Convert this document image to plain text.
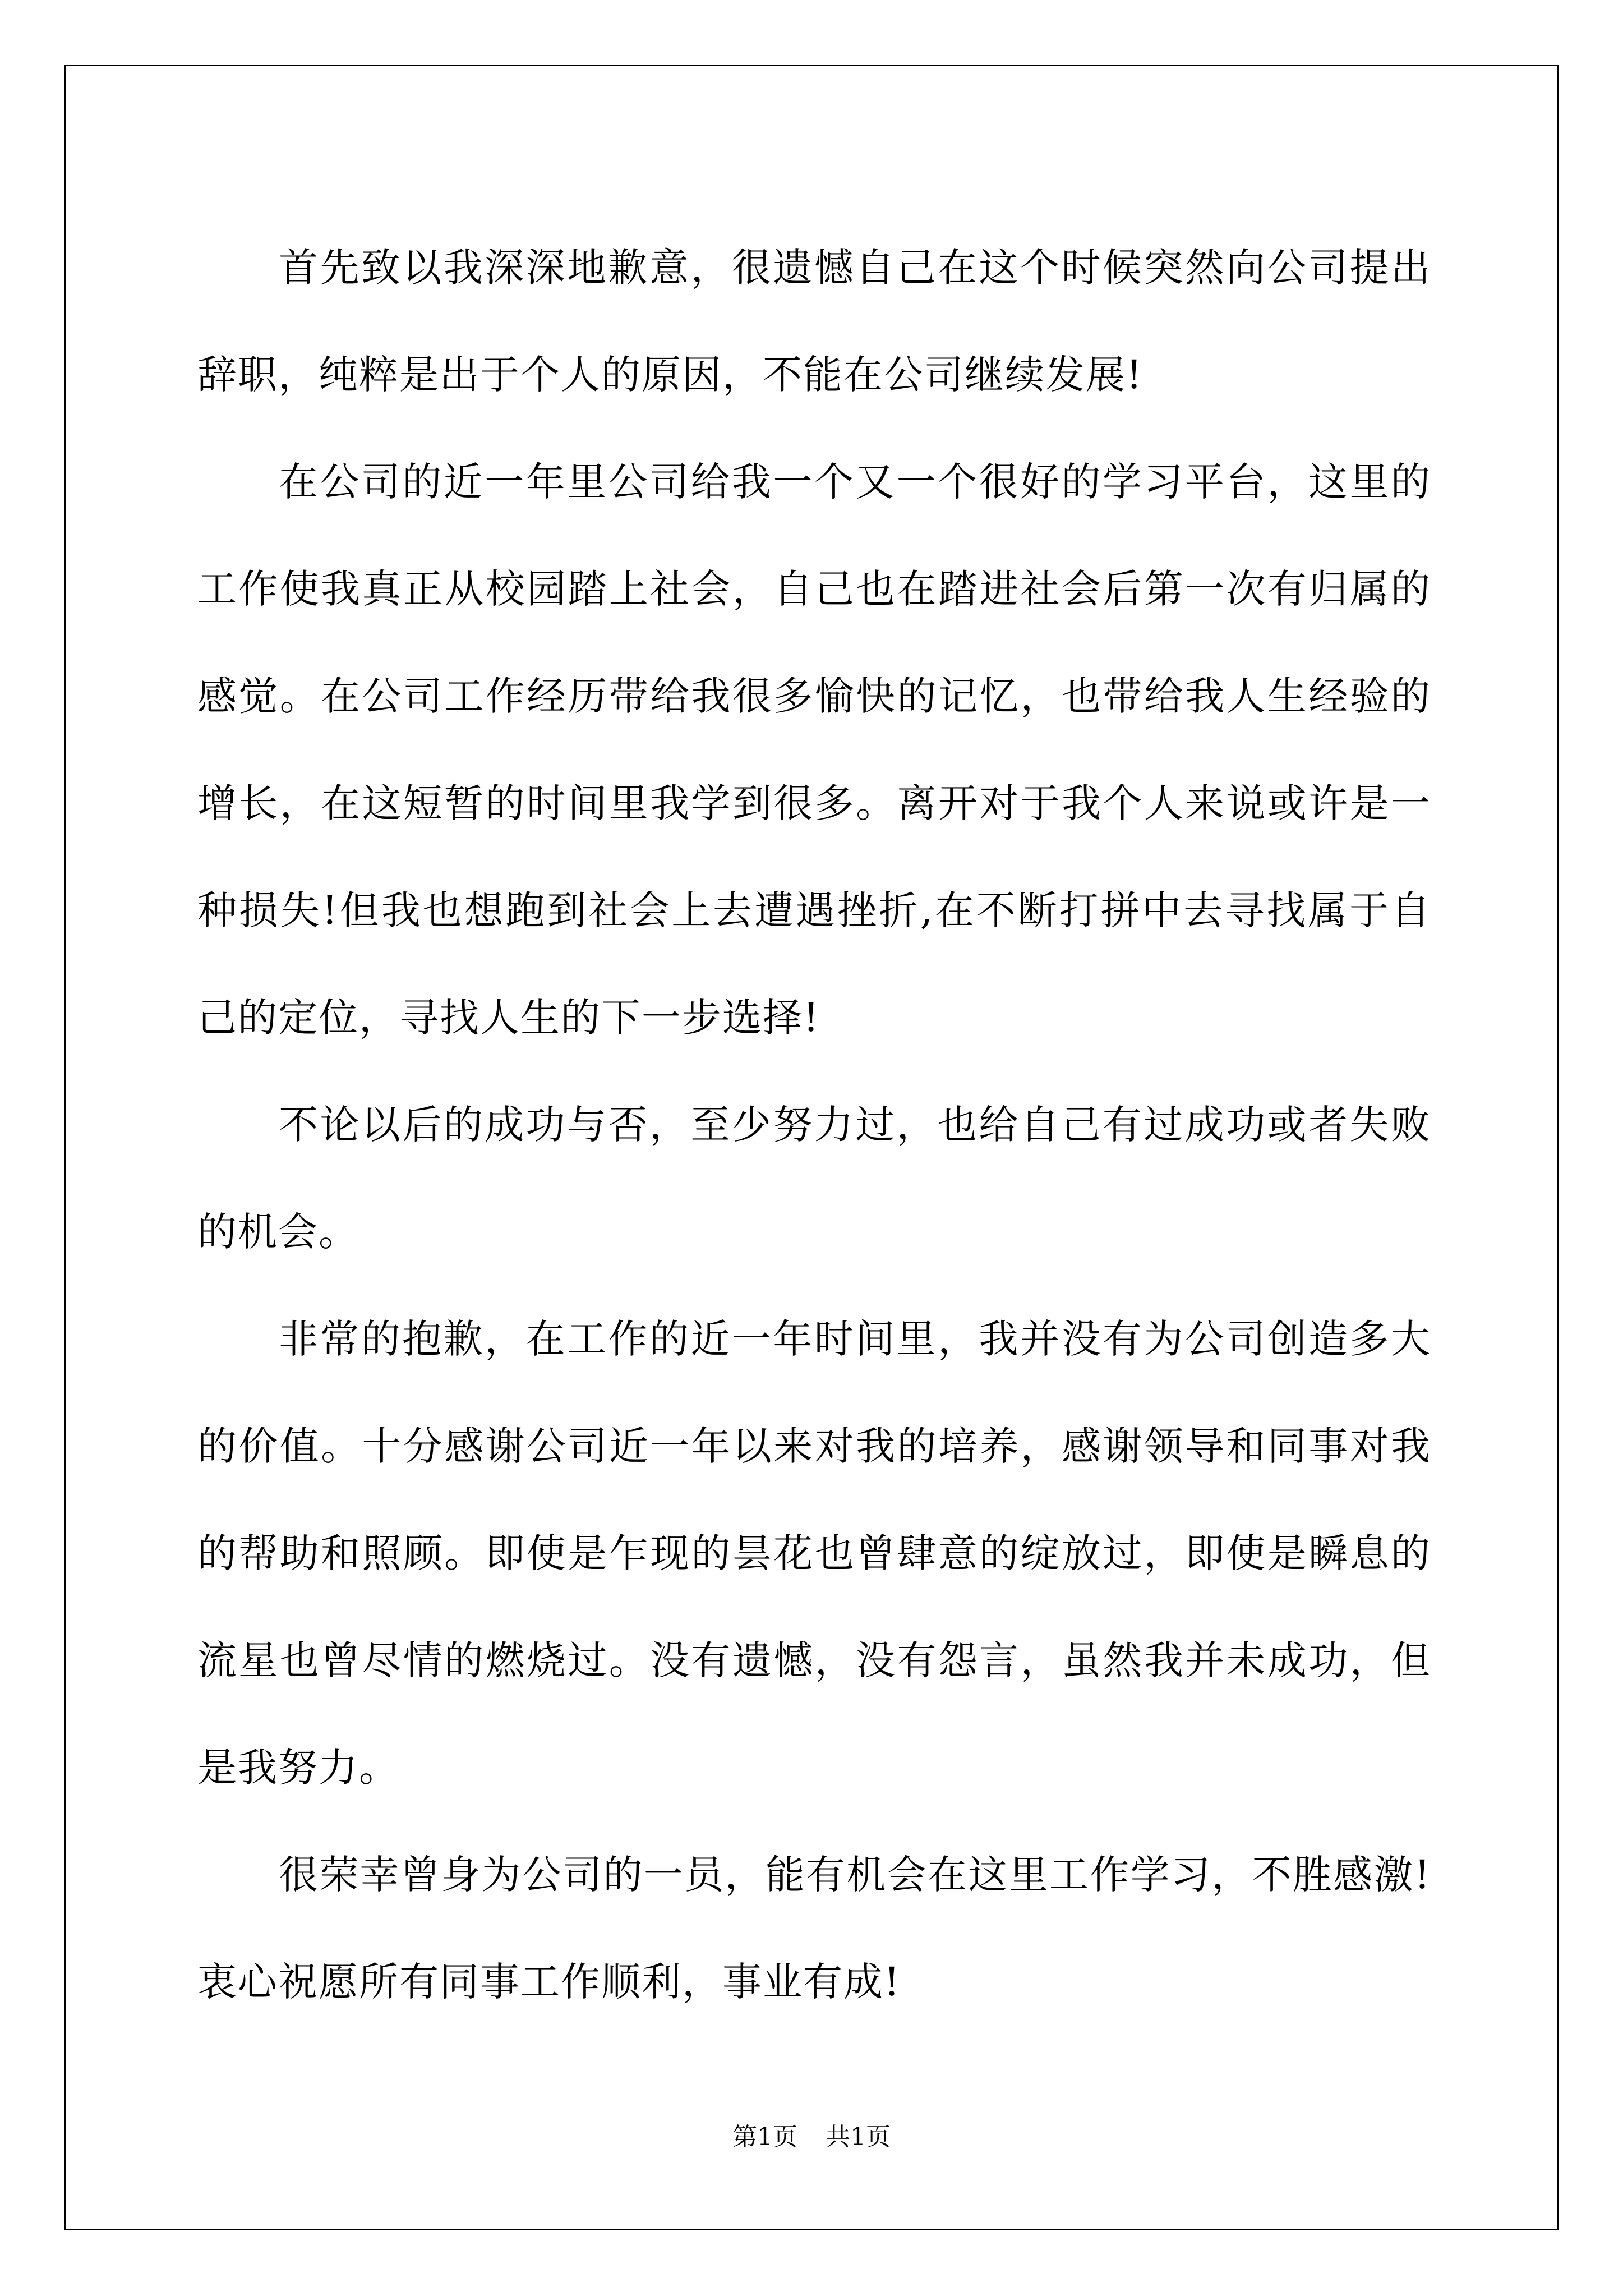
首先致以我深深地歉意，很遗憾自己在这个时候突然向公司提出辞职，纯粹是出于个人的原因，不能在公司继续发展!

在公司的近一年里公司给我一个又一个很好的学习平台，这里的工作使我真正从校园踏上社会，自己也在踏进社会后第一次有归属的感觉。在公司工作经历带给我很多愉快的记忆，也带给我人生经验的增长，在这短暂的时间里我学到很多。离开对于我个人来说或许是一种损失!但我也想跑到社会上去遭遇挫折,在不断打拼中去寻找属于自己的定位，寻找人生的下一步选择!

不论以后的成功与否，至少努力过，也给自己有过成功或者失败的机会。

非常的抱歉，在工作的近一年时间里，我并没有为公司创造多大的价值。十分感谢公司近一年以来对我的培养，感谢领导和同事对我的帮助和照顾。即使是乍现的昙花也曾肆意的绽放过，即使是瞬息的流星也曾尽情的燃烧过。没有遗憾，没有怨言，虽然我并未成功，但是我努力。

很荣幸曾身为公司的一员，能有机会在这里工作学习，不胜感激!衷心祝愿所有同事工作顺利，事业有成!

第1页 共1页
